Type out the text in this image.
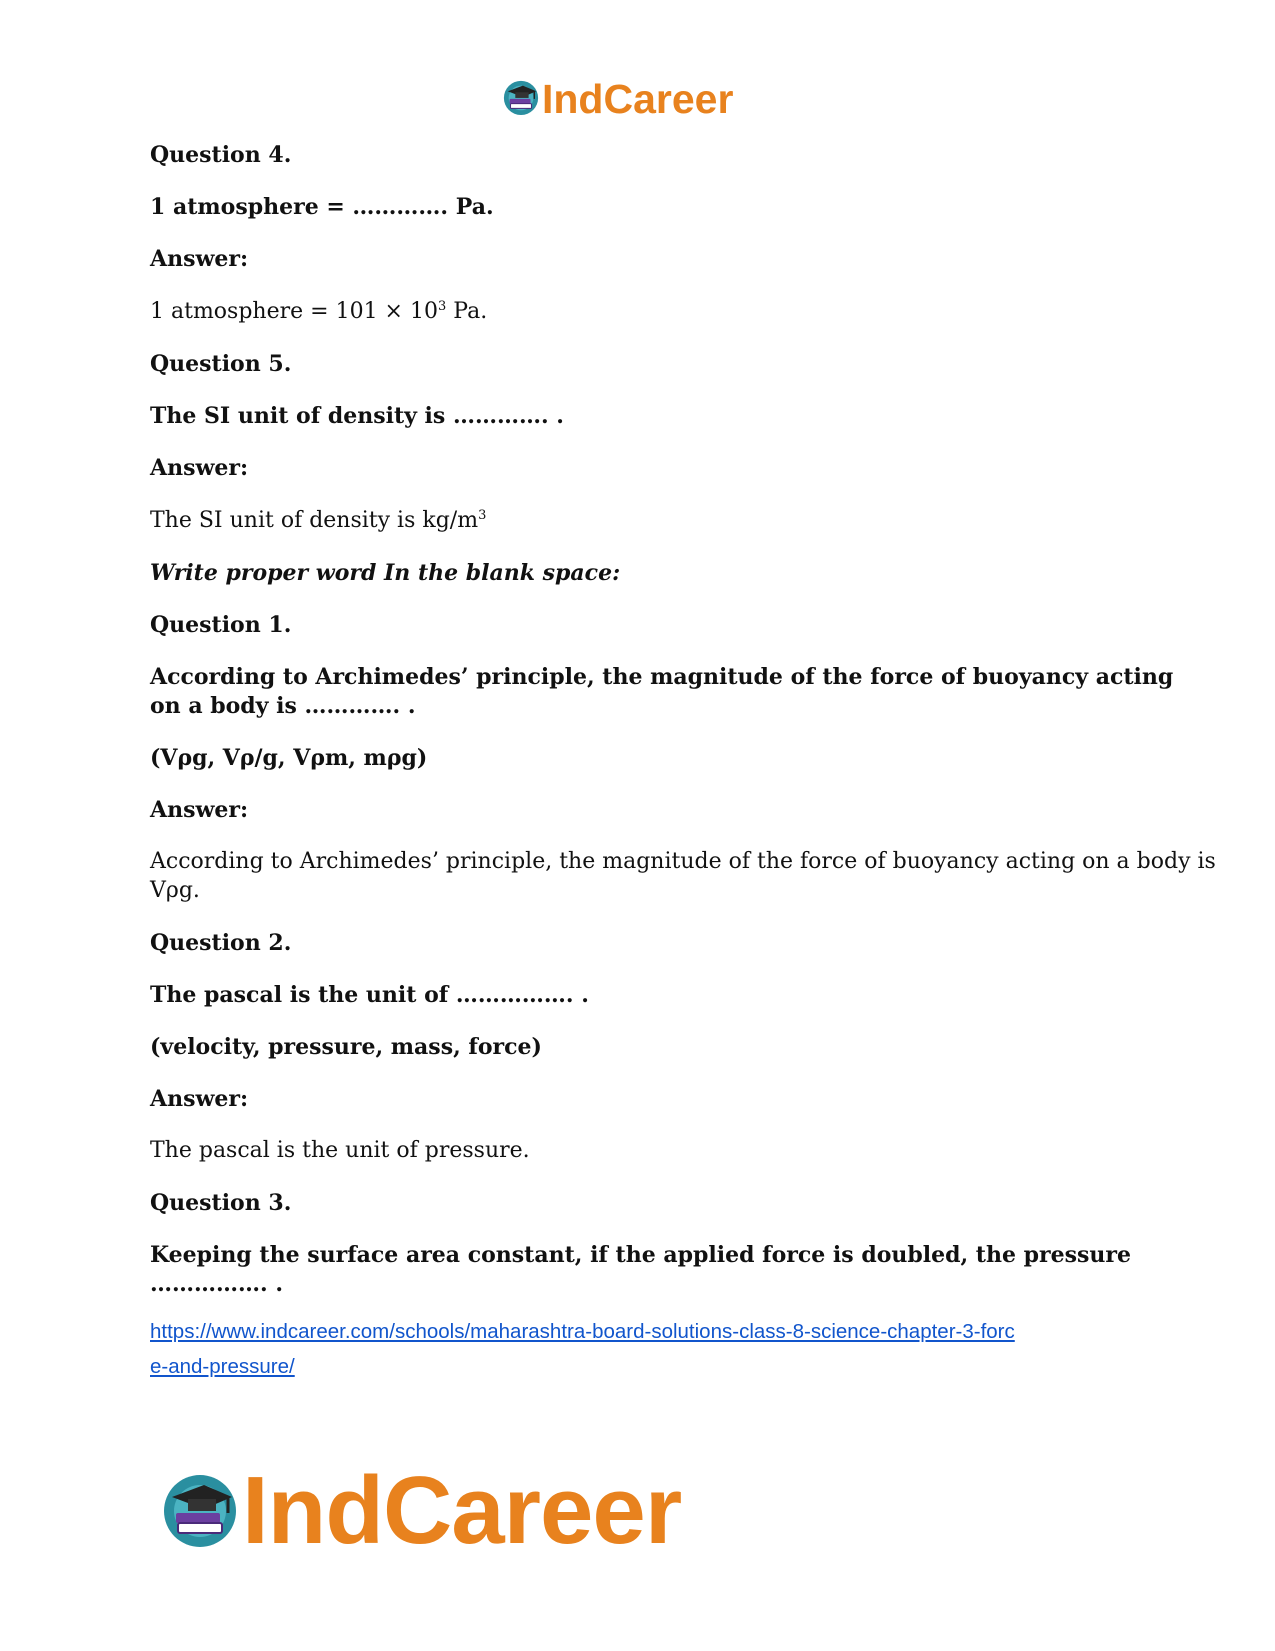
IndCareer
Question 4.
1 atmosphere = …………. Pa.
Answer:
1 atmosphere = $101 \times 10^3$ Pa.
Question 5.
The SI unit of density is …………. .
Answer:
The SI unit of density is $kg/m^3$
Write proper word In the blank space:
Question 1.
According to Archimedes’ principle, the magnitude of the force of buoyancy acting
on a body is …………. .
(Vρg, Vρ/g, Vρm, mρg)
Answer:
According to Archimedes’ principle, the magnitude of the force of buoyancy acting on a body is
Vρg.
Question 2.
The pascal is the unit of ……………. .
(velocity, pressure, mass, force)
Answer:
The pascal is the unit of pressure.
Question 3.
Keeping the surface area constant, if the applied force is doubled, the pressure
……………. .
https://www.indcareer.com/schools/maharashtra-board-solutions-class-8-science-chapter-3-forc
e-and-pressure/
IndCareer
